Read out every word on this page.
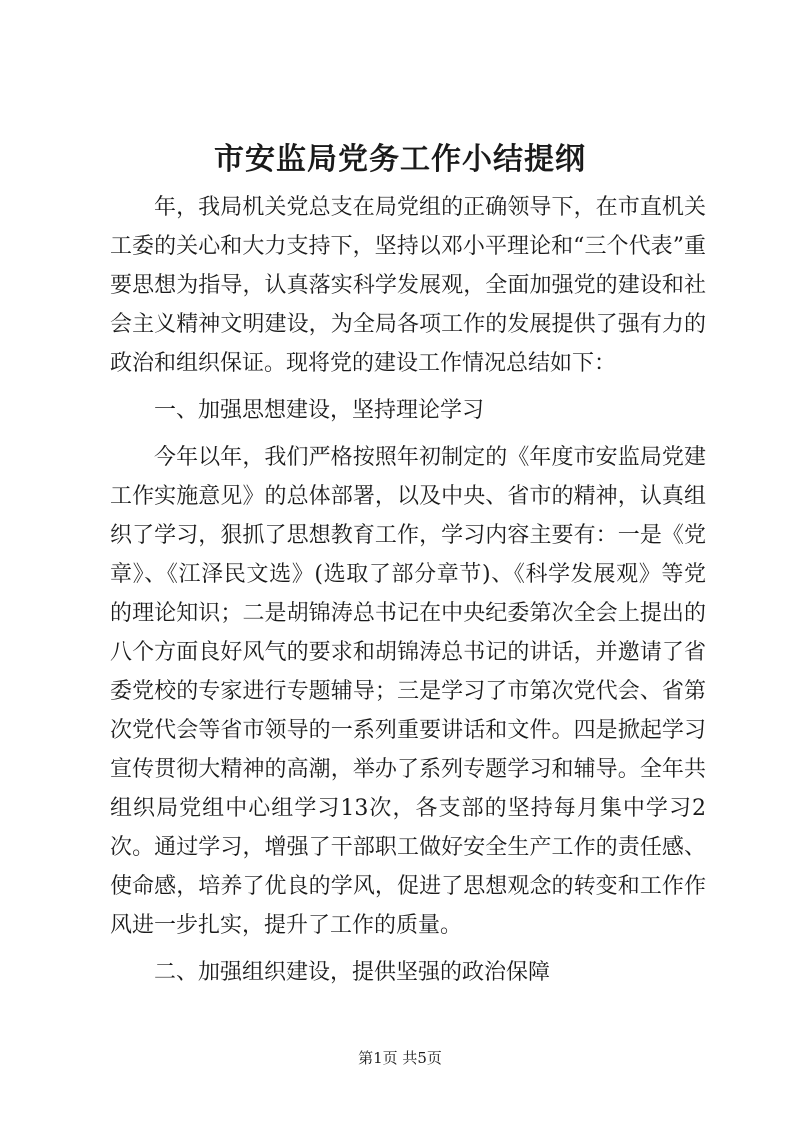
市安监局党务工作小结提纲

年，我局机关党总支在局党组的正确领导下，在市直机关工委的关心和大力支持下，坚持以邓小平理论和“三个代表”重要思想为指导，认真落实科学发展观，全面加强党的建设和社会主义精神文明建设，为全局各项工作的发展提供了强有力的政治和组织保证。现将党的建设工作情况总结如下：

一、加强思想建设，坚持理论学习

今年以年，我们严格按照年初制定的《年度市安监局党建工作实施意见》的总体部署，以及中央、省市的精神，认真组织了学习，狠抓了思想教育工作，学习内容主要有：一是《党章》、《江泽民文选》(选取了部分章节)、《科学发展观》等党的理论知识；二是胡锦涛总书记在中央纪委第次全会上提出的八个方面良好风气的要求和胡锦涛总书记的讲话，并邀请了省委党校的专家进行专题辅导；三是学习了市第次党代会、省第次党代会等省市领导的一系列重要讲话和文件。四是掀起学习宣传贯彻大精神的高潮，举办了系列专题学习和辅导。全年共组织局党组中心组学习13次，各支部的坚持每月集中学习2次。通过学习，增强了干部职工做好安全生产工作的责任感、使命感，培养了优良的学风，促进了思想观念的转变和工作作风进一步扎实，提升了工作的质量。

二、加强组织建设，提供坚强的政治保障

第1页 共5页
